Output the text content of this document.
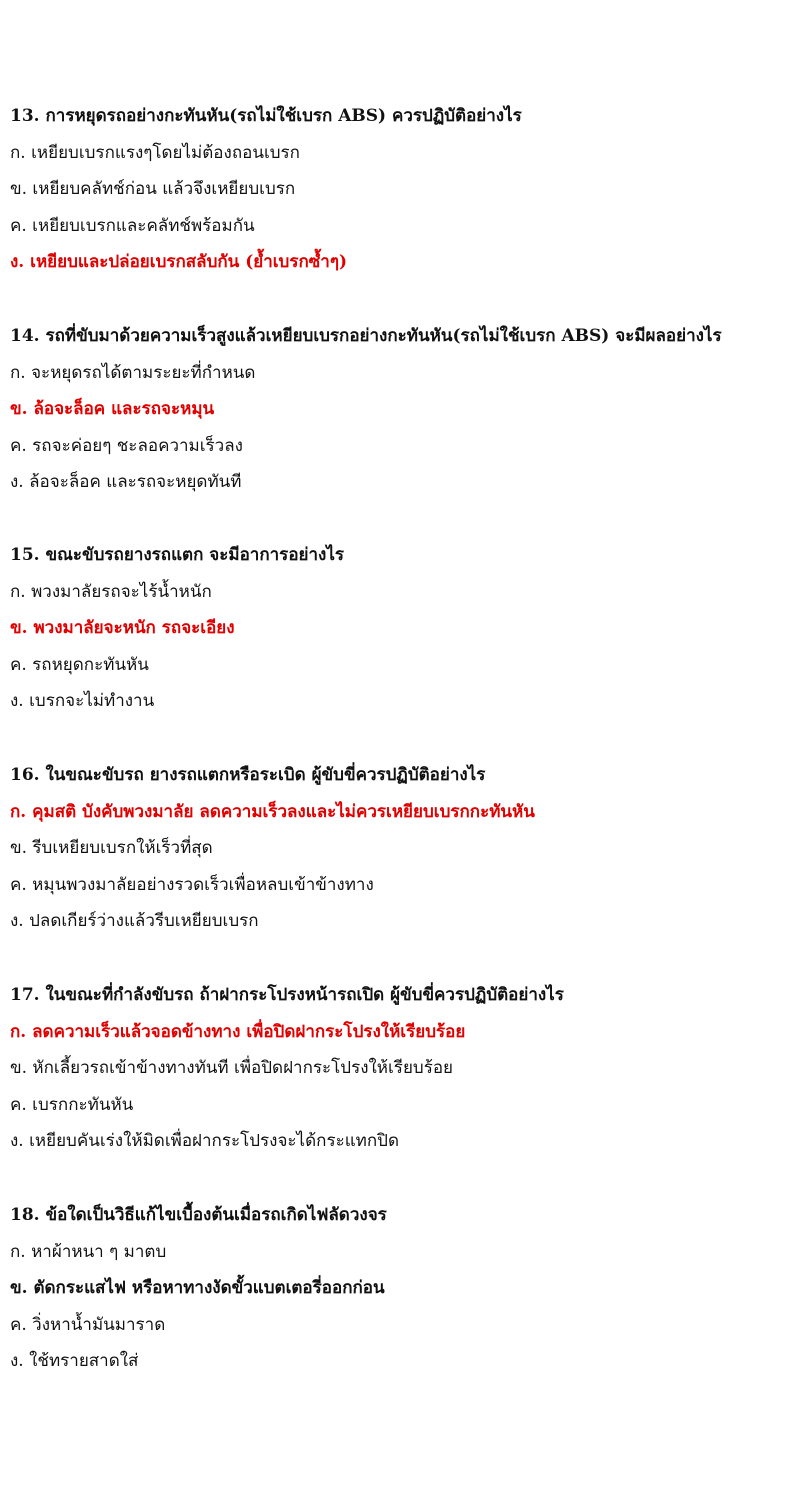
13. การหยุดรถอย่างกะทันหัน(รถไม่ใช้เบรก ABS) ควรปฏิบัติอย่างไร
ก. เหยียบเบรกแรงๆโดยไม่ต้องถอนเบรก
ข. เหยียบคลัทช์ก่อน แล้วจึงเหยียบเบรก
ค. เหยียบเบรกและคลัทช์พร้อมกัน
ง. เหยียบและปล่อยเบรกสลับกัน (ย้ำเบรกซ้ำๆ)
14. รถที่ขับมาด้วยความเร็วสูงแล้วเหยียบเบรกอย่างกะทันหัน(รถไม่ใช้เบรก ABS) จะมีผลอย่างไร
ก. จะหยุดรถได้ตามระยะที่กำหนด
ข. ล้อจะล็อค และรถจะหมุน
ค. รถจะค่อยๆ ชะลอความเร็วลง
ง. ล้อจะล็อค และรถจะหยุดทันที
15. ขณะขับรถยางรถแตก จะมีอาการอย่างไร
ก. พวงมาลัยรถจะไร้น้ำหนัก
ข. พวงมาลัยจะหนัก รถจะเอียง
ค. รถหยุดกะทันหัน
ง. เบรกจะไม่ทำงาน
16. ในขณะขับรถ ยางรถแตกหรือระเบิด ผู้ขับขี่ควรปฏิบัติอย่างไร
ก. คุมสติ บังคับพวงมาลัย ลดความเร็วลงและไม่ควรเหยียบเบรกกะทันหัน
ข. รีบเหยียบเบรกให้เร็วที่สุด
ค. หมุนพวงมาลัยอย่างรวดเร็วเพื่อหลบเข้าข้างทาง
ง. ปลดเกียร์ว่างแล้วรีบเหยียบเบรก
17. ในขณะที่กำลังขับรถ ถ้าฝากระโปรงหน้ารถเปิด ผู้ขับขี่ควรปฏิบัติอย่างไร
ก. ลดความเร็วแล้วจอดข้างทาง เพื่อปิดฝากระโปรงให้เรียบร้อย
ข. หักเลี้ยวรถเข้าข้างทางทันที เพื่อปิดฝากระโปรงให้เรียบร้อย
ค. เบรกกะทันหัน
ง. เหยียบคันเร่งให้มิดเพื่อฝากระโปรงจะได้กระแทกปิด
18. ข้อใดเป็นวิธีแก้ไขเบื้องต้นเมื่อรถเกิดไฟลัดวงจร
ก. หาผ้าหนา ๆ มาตบ
ข. ตัดกระแสไฟ หรือหาทางงัดขั้วแบตเตอรี่ออกก่อน
ค. วิ่งหาน้ำมันมาราด
ง. ใช้ทรายสาดใส่
